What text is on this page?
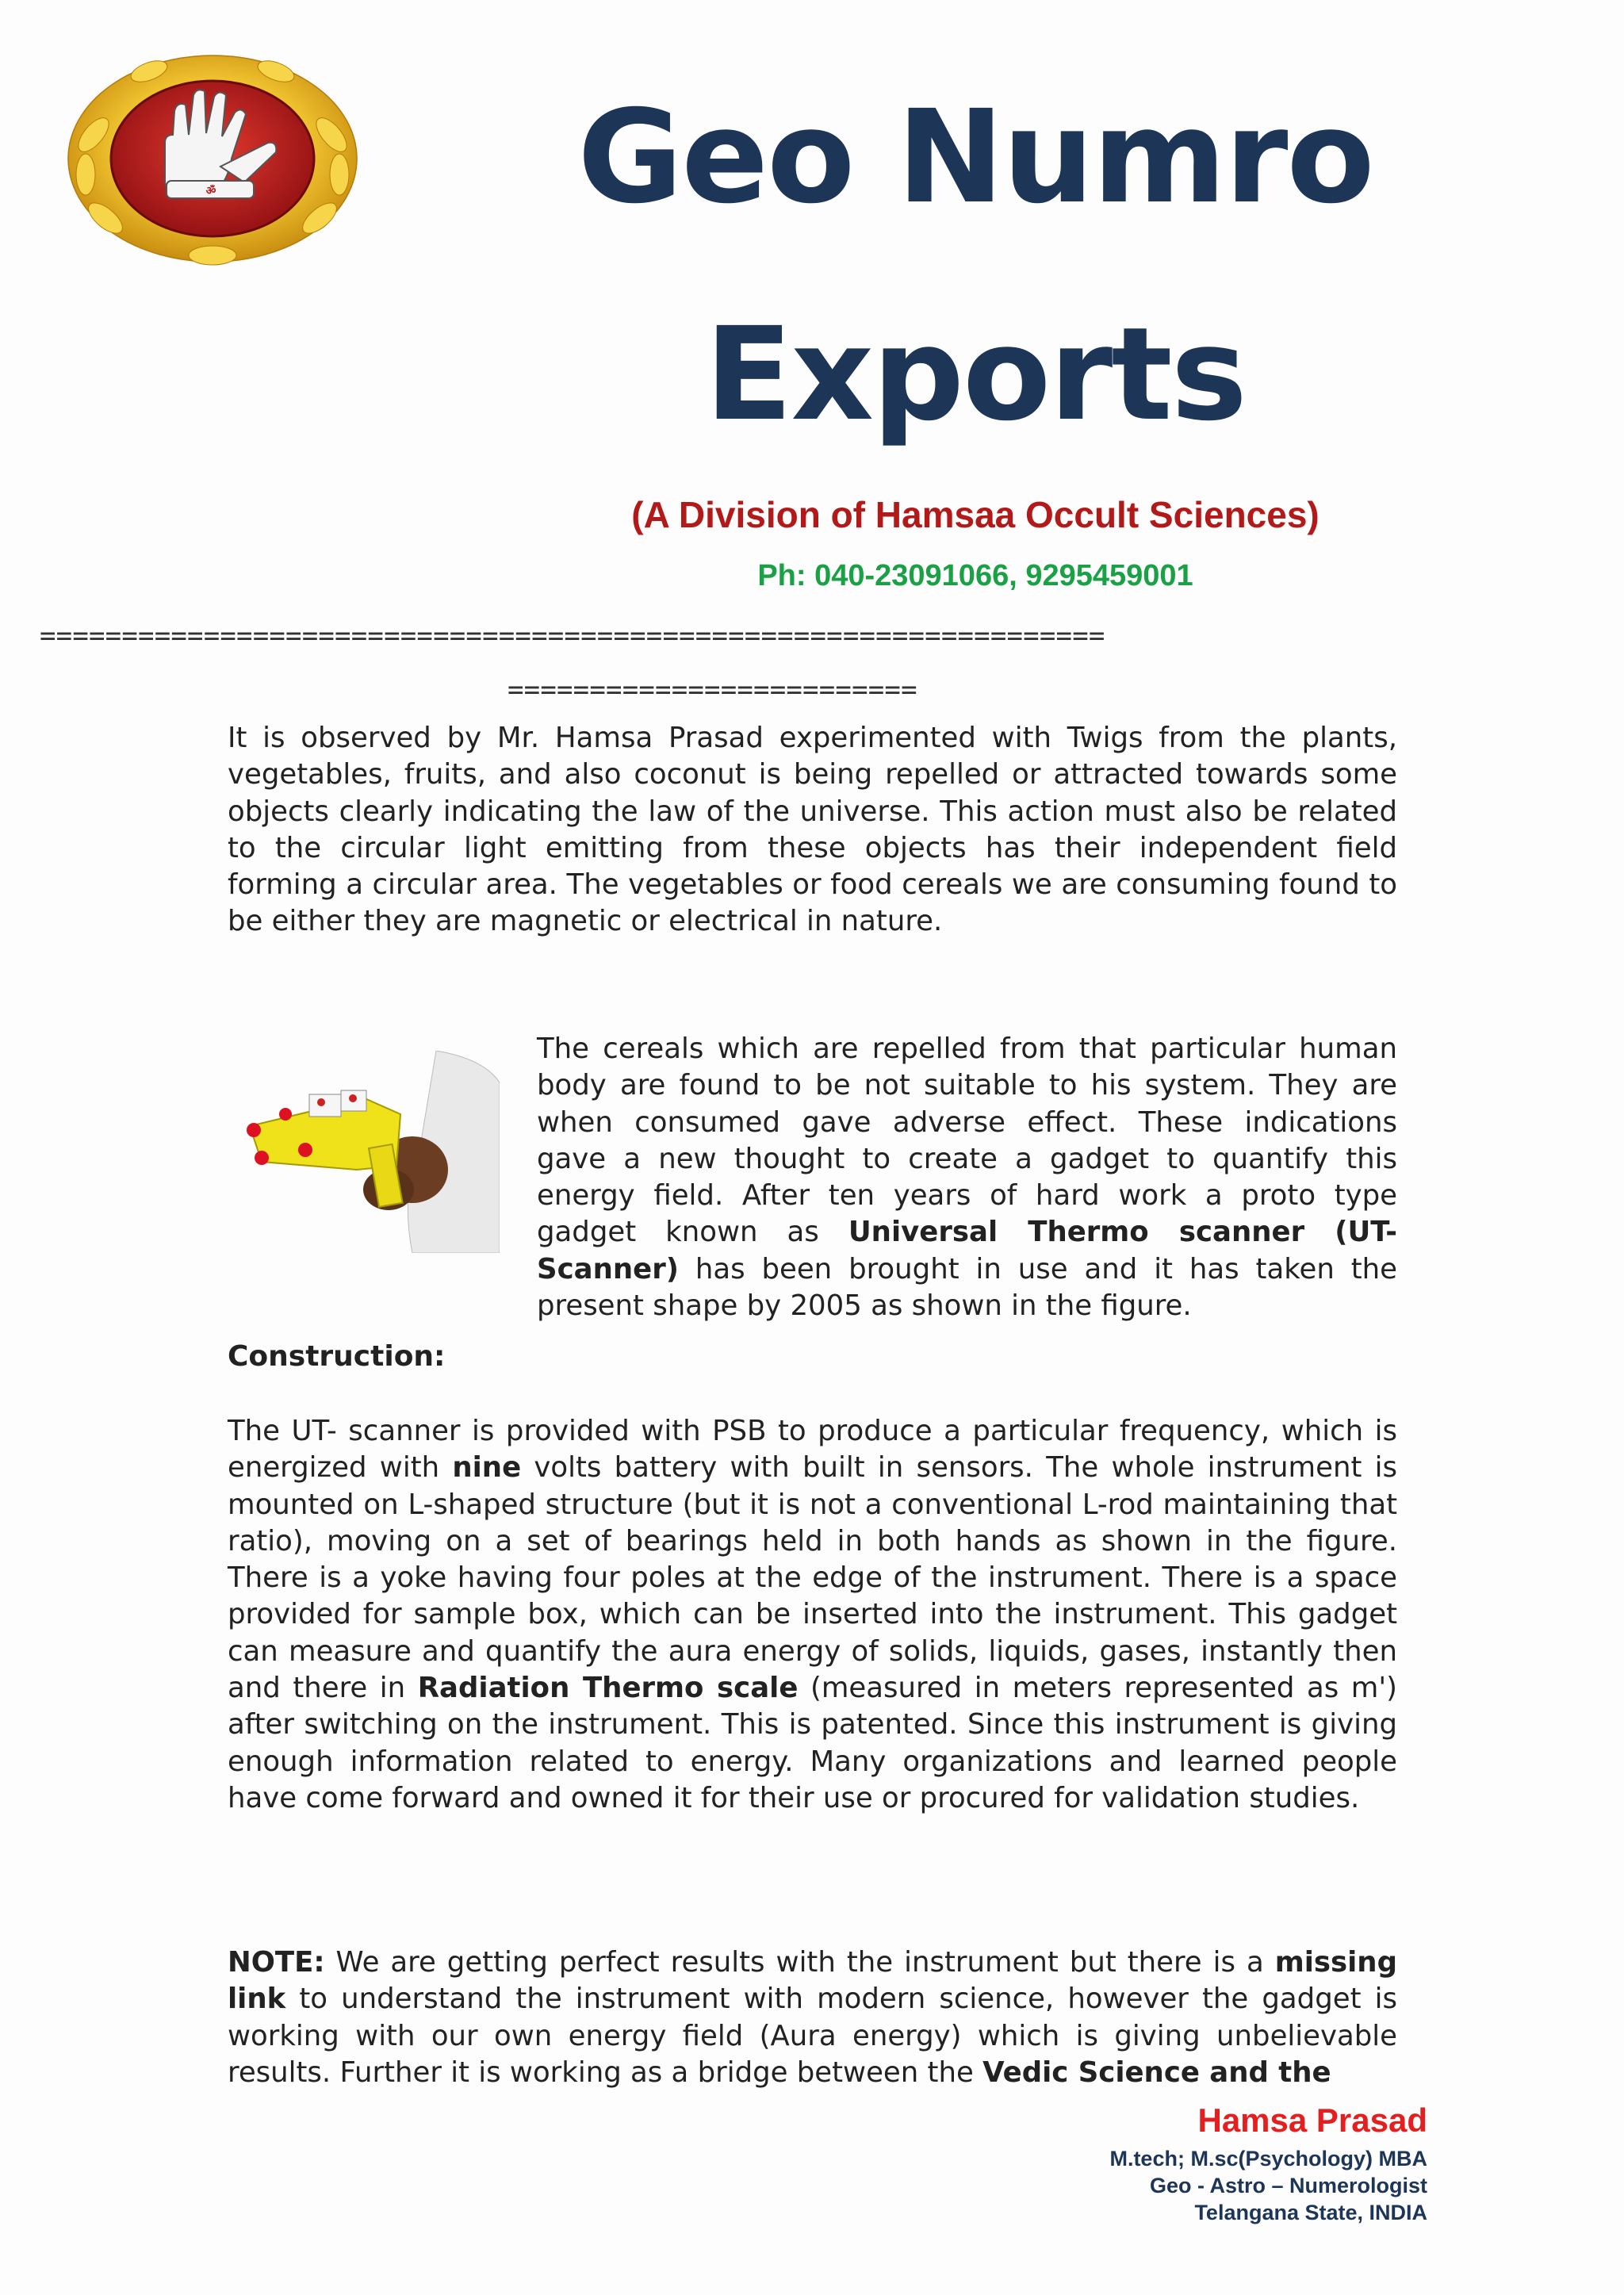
ॐ	Geo Numro
Exports
(A Division of Hamsaa Occult Sciences)
Ph: 040-23091066, 9295459001
=================================================================
=========================

It is observed by Mr. Hamsa Prasad experimented with Twigs from the plants, vegetables, fruits, and also coconut is being repelled or attracted towards some objects clearly indicating the law of the universe. This action must also be related to the circular light emitting from these objects has their independent field forming a circular area. The vegetables or food cereals we are consuming found to be either they are magnetic or electrical in nature.

The cereals which are repelled from that particular human body are found to be not suitable to his system. They are when consumed gave adverse effect. These indications gave a new thought to create a gadget to quantify this energy field. After ten years of hard work a proto type gadget known as Universal Thermo scanner (UT-Scanner) has been brought in use and it has taken the present shape by 2005 as shown in the figure.

Construction:

The UT- scanner is provided with PSB to produce a particular frequency, which is energized with nine volts battery with built in sensors. The whole instrument is mounted on L-shaped structure (but it is not a conventional L-rod maintaining that ratio), moving on a set of bearings held in both hands as shown in the figure. There is a yoke having four poles at the edge of the instrument. There is a space provided for sample box, which can be inserted into the instrument. This gadget can measure and quantify the aura energy of solids, liquids, gases, instantly then and there in Radiation Thermo scale (measured in meters represented as m') after switching on the instrument. This is patented. Since this instrument is giving enough information related to energy. Many organizations and learned people have come forward and owned it for their use or procured for validation studies.

NOTE: We are getting perfect results with the instrument but there is a missing link to understand the instrument with modern science, however the gadget is working with our own energy field (Aura energy) which is giving unbelievable results. Further it is working as a bridge between the Vedic Science and the

Hamsa Prasad
M.tech; M.sc(Psychology) MBA
Geo - Astro – Numerologist
Telangana State, INDIA
